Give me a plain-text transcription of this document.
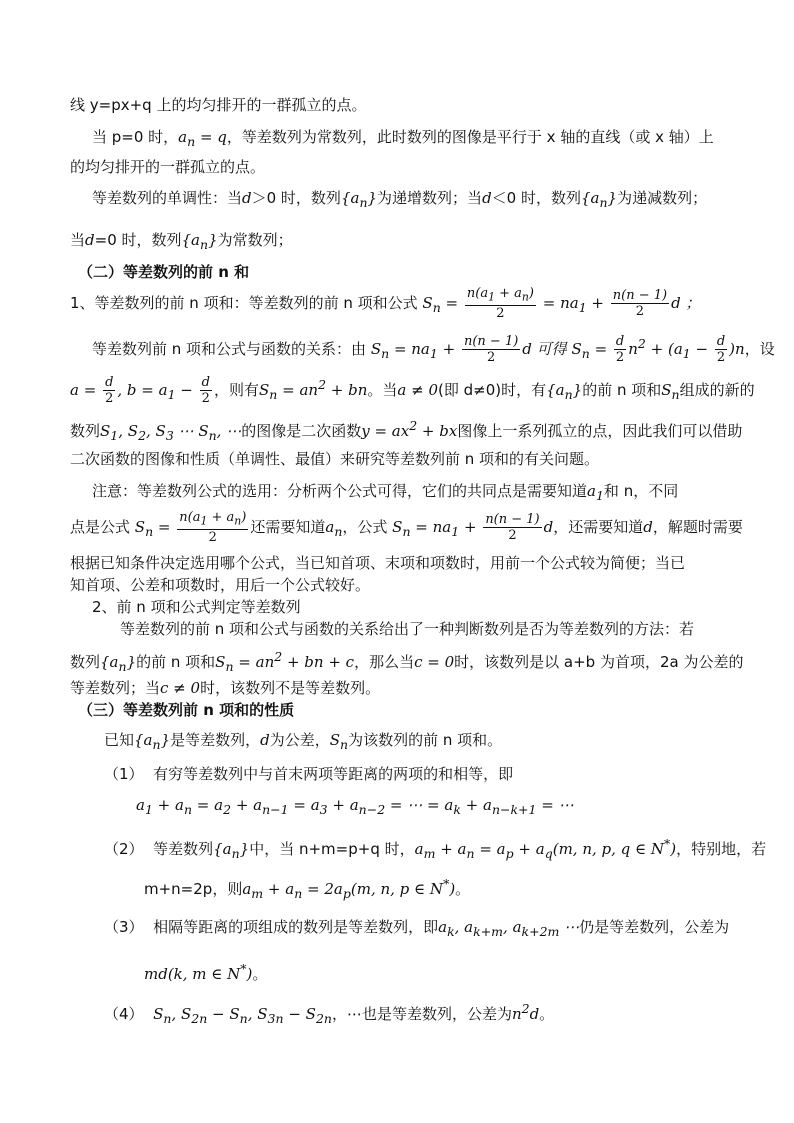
线 y=px+q 上的均匀排开的一群孤立的点。
当 p=0 时，$a_n = q$，等差数列为常数列，此时数列的图像是平行于 x 轴的直线（或 x 轴）上
的均匀排开的一群孤立的点。
等差数列的单调性：当d＞0 时，数列$\{a_n\}$为递增数列；当d＜0 时，数列$\{a_n\}$为递减数列；
当d=0 时，数列$\{a_n\}$为常数列；
（二）等差数列的前 n 和
1、等差数列的前 n 项和：等差数列的前 n 项和公式 $S_n = \frac{n(a_1 + a_n)}{2} = na_1 + \frac{n(n - 1)}{2}$ d ；
等差数列前 n 项和公式与函数的关系：由 $S_n = na_1 + \frac{n(n - 1)}{2}$ d 可得 $S_n = \frac{d}{2} n^2 + (a_1 - \frac{d}{2} )n$，设
$a = \frac{d}{2}$ , $b = a_1 - \frac{d}{2}$ ，则有$S_n = an^2$ + bn。当a ≠ 0(即 d≠0)时，有$\{a_n\}$的前 n 项和$S_n$组成的新的
数列$S_1$, $S_2$, $S_3$ ⋯ $S_n$, ⋯的图像是二次函数$y = ax^2$ + bx图像上一系列孤立的点，因此我们可以借助
二次函数的图像和性质（单调性、最值）来研究等差数列前 n 项和的有关问题。
注意：等差数列公式的选用：分析两个公式可得，它们的共同点是需要知道$a_1$和 n，不同
点是公式 $S_n = \frac{n(a_1 + a_n)}{2}$ 还需要知道$a_n$，公式 $S_n = na_1 + \frac{n(n - 1)}{2}$ d，还需要知道d，解题时需要
根据已知条件决定选用哪个公式，当已知首项、末项和项数时，用前一个公式较为简便；当已
知首项、公差和项数时，用后一个公式较好。
2、前 n 项和公式判定等差数列
等差数列的前 n 项和公式与函数的关系给出了一种判断数列是否为等差数列的方法：若
数列$\{a_n\}$的前 n 项和$S_n = an^2$ + bn + c，那么当c = 0时，该数列是以 a+b 为首项，2a 为公差的
等差数列；当c ≠ 0时，该数列不是等差数列。
（三）等差数列前 n 项和的性质
已知$\{a_n\}$是等差数列，d为公差，$S_n$为该数列的前 n 项和。
（1） 有穷等差数列中与首末两项等距离的两项的和相等，即
$a_1 + a_n = a_2 + a_{n-1} = a_3 + a_{n-2}$ = ⋯ = $a_k + a_{n-k+1}$ = ⋯
（2） 等差数列$\{a_n\}$中，当 n+m=p+q 时，$a_m + a_n = a_p + a_q(m$, n, p, q ∈ N*)，特别地，若
m+n=2p，则$a_m + a_n = 2a_p(m$, n, p ∈ N*)。
（3） 相隔等距离的项组成的数列是等差数列，即$a_k$, $a_{k+m}$, $a_{k+2m}$ ⋯仍是等差数列，公差为
md(k, m ∈ N*)。
（4） $S_n$, $S_{2n} - S_n$, $S_{3n} - S_{2n}$，⋯也是等差数列，公差为$n^2d$。
